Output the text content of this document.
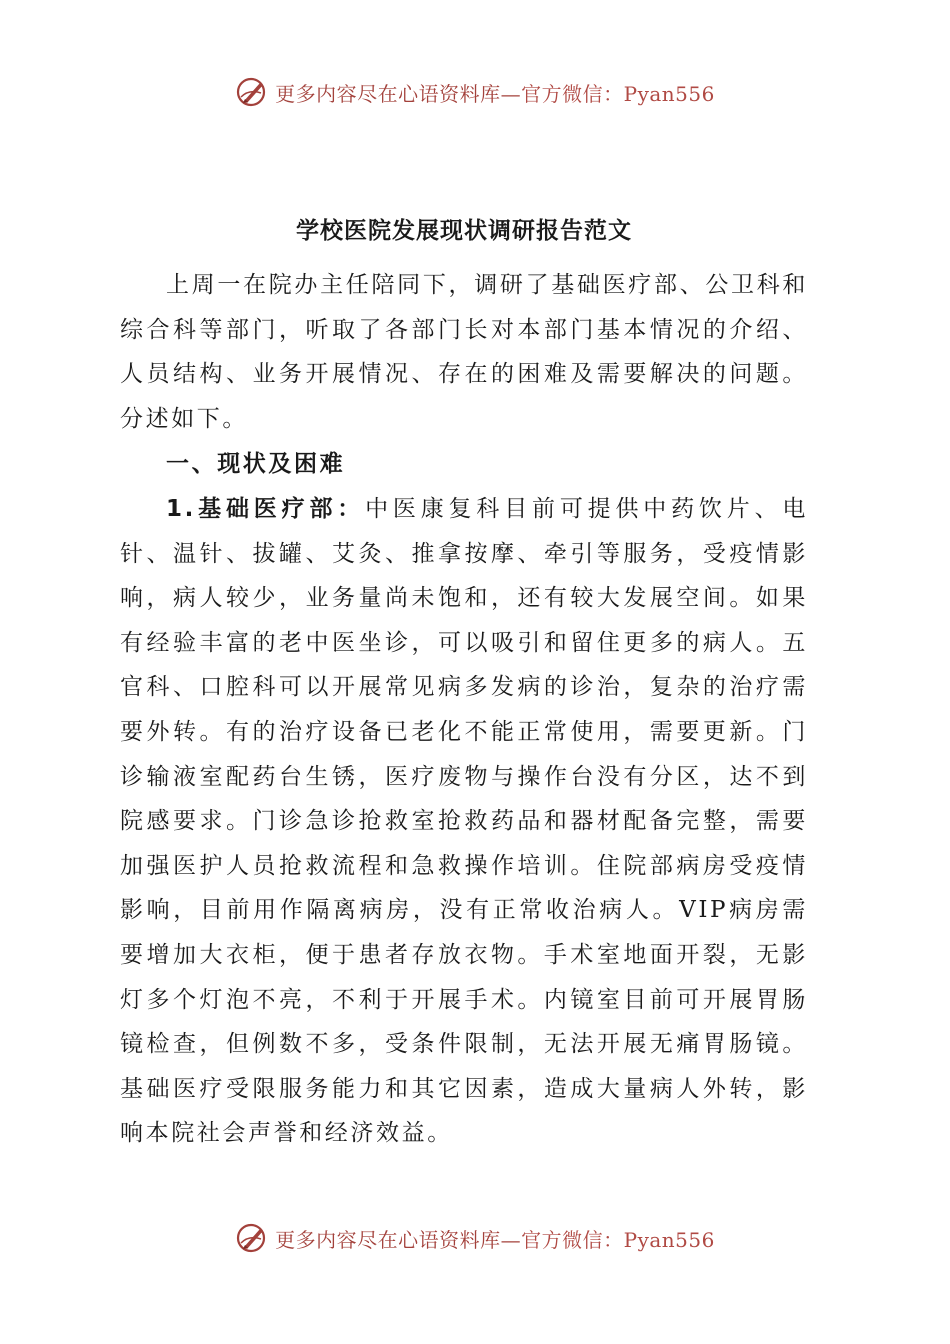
更多内容尽在心语资料库—官方微信：Pyan556
学校医院发展现状调研报告范文

上周一在院办主任陪同下，调研了基础医疗部、公卫科和综合科等部门，听取了各部门长对本部门基本情况的介绍、人员结构、业务开展情况、存在的困难及需要解决的问题。分述如下。

一、现状及困难

1.基础医疗部：中医康复科目前可提供中药饮片、电针、温针、拔罐、艾灸、推拿按摩、牵引等服务，受疫情影响，病人较少，业务量尚未饱和，还有较大发展空间。如果有经验丰富的老中医坐诊，可以吸引和留住更多的病人。五官科、口腔科可以开展常见病多发病的诊治，复杂的治疗需要外转。有的治疗设备已老化不能正常使用，需要更新。门诊输液室配药台生锈，医疗废物与操作台没有分区，达不到院感要求。门诊急诊抢救室抢救药品和器材配备完整，需要加强医护人员抢救流程和急救操作培训。住院部病房受疫情影响，目前用作隔离病房，没有正常收治病人。VIP病房需要增加大衣柜，便于患者存放衣物。手术室地面开裂，无影灯多个灯泡不亮，不利于开展手术。内镜室目前可开展胃肠镜检查，但例数不多，受条件限制，无法开展无痛胃肠镜。基础医疗受限服务能力和其它因素，造成大量病人外转，影响本院社会声誉和经济效益。

更多内容尽在心语资料库—官方微信：Pyan556
